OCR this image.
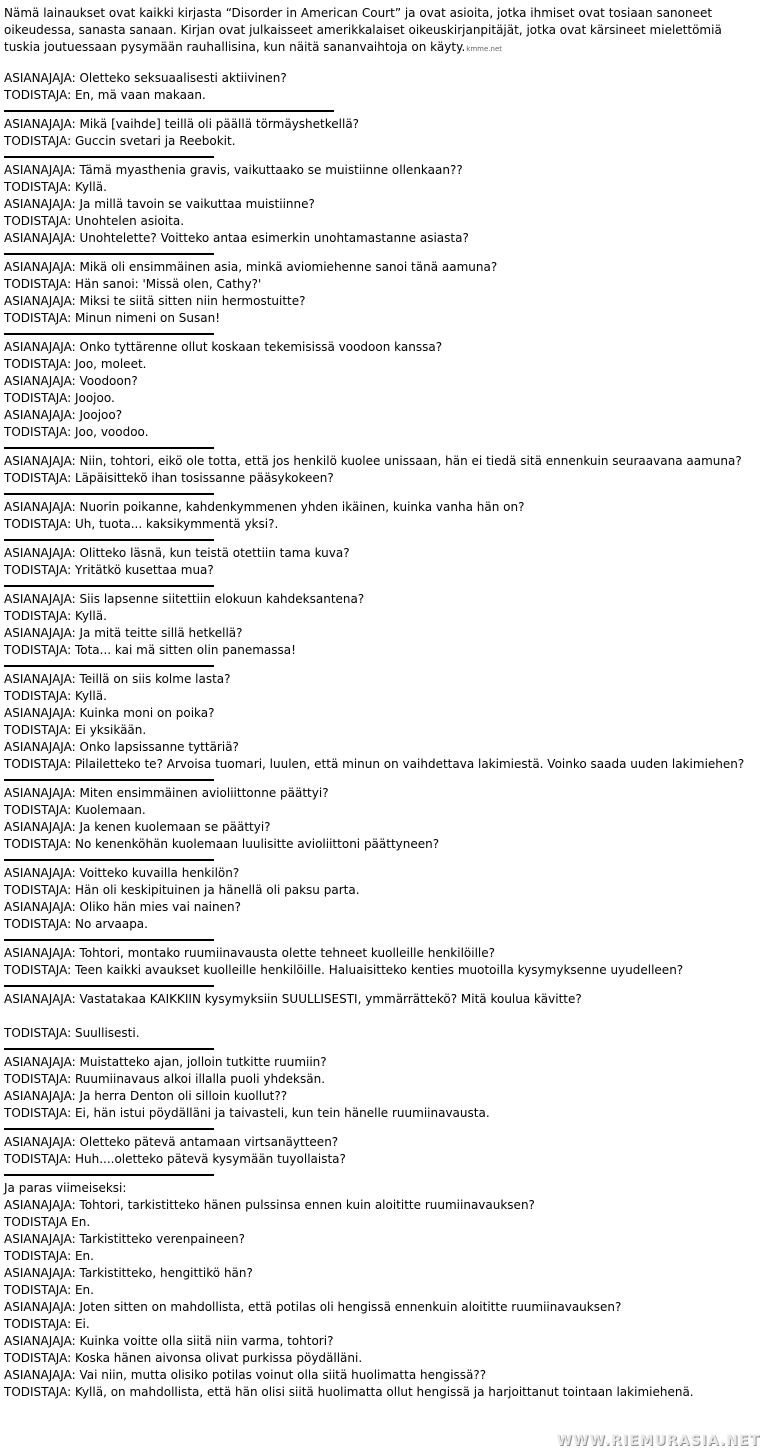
Nämä lainaukset ovat kaikki kirjasta “Disorder in American Court” ja ovat asioita, jotka ihmiset ovat tosiaan sanoneet oikeudessa, sanasta sanaan. Kirjan ovat julkaisseet amerikkalaiset oikeuskirjanpitäjät, jotka ovat kärsineet mielettömiä tuskia joutuessaan pysymään rauhallisina, kun näitä sananvaihtoja on käyty.kmme.net

ASIANAJAJA: Oletteko seksuaalisesti aktiivinen?

TODISTAJA: En, mä vaan makaan.

ASIANAJAJA: Mikä [vaihde] teillä oli päällä törmäyshetkellä?

TODISTAJA: Guccin svetari ja Reebokit.

ASIANAJAJA: Tämä myasthenia gravis, vaikuttaako se muistiinne ollenkaan??

TODISTAJA: Kyllä.

ASIANAJAJA: Ja millä tavoin se vaikuttaa muistiinne?

TODISTAJA: Unohtelen asioita.

ASIANAJAJA: Unohtelette? Voitteko antaa esimerkin unohtamastanne asiasta?

ASIANAJAJA: Mikä oli ensimmäinen asia, minkä aviomiehenne sanoi tänä aamuna?

TODISTAJA: Hän sanoi: 'Missä olen, Cathy?'

ASIANAJAJA: Miksi te siitä sitten niin hermostuitte?

TODISTAJA: Minun nimeni on Susan!

ASIANAJAJA: Onko tyttärenne ollut koskaan tekemisissä voodoon kanssa?

TODISTAJA: Joo, moleet.

ASIANAJAJA: Voodoon?

TODISTAJA: Joojoo.

ASIANAJAJA: Joojoo?

TODISTAJA: Joo, voodoo.

ASIANAJAJA: Niin, tohtori, eikö ole totta, että jos henkilö kuolee unissaan, hän ei tiedä sitä ennenkuin seuraavana aamuna?

TODISTAJA: Läpäisittekö ihan tosissanne pääsykokeen?

ASIANAJAJA: Nuorin poikanne, kahdenkymmenen yhden ikäinen, kuinka vanha hän on?

TODISTAJA: Uh, tuota... kaksikymmentä yksi?.

ASIANAJAJA: Olitteko läsnä, kun teistä otettiin tama kuva?

TODISTAJA: Yritätkö kusettaa mua?

ASIANAJAJA: Siis lapsenne siitettiin elokuun kahdeksantena?

TODISTAJA: Kyllä.

ASIANAJAJA: Ja mitä teitte sillä hetkellä?

TODISTAJA: Tota... kai mä sitten olin panemassa!

ASIANAJAJA: Teillä on siis kolme lasta?

TODISTAJA: Kyllä.

ASIANAJAJA: Kuinka moni on poika?

TODISTAJA: Ei yksikään.

ASIANAJAJA: Onko lapsissanne tyttäriä?

TODISTAJA: Pilailetteko te? Arvoisa tuomari, luulen, että minun on vaihdettava lakimiestä. Voinko saada uuden lakimiehen?

ASIANAJAJA: Miten ensimmäinen avioliittonne päättyi?

TODISTAJA: Kuolemaan.

ASIANAJAJA: Ja kenen kuolemaan se päättyi?

TODISTAJA: No kenenköhän kuolemaan luulisitte avioliittoni päättyneen?

ASIANAJAJA: Voitteko kuvailla henkilön?

TODISTAJA: Hän oli keskipituinen ja hänellä oli paksu parta.

ASIANAJAJA: Oliko hän mies vai nainen?

TODISTAJA: No arvaapa.

ASIANAJAJA: Tohtori, montako ruumiinavausta olette tehneet kuolleille henkilöille?

TODISTAJA: Teen kaikki avaukset kuolleille henkilöille. Haluaisitteko kenties muotoilla kysymyksenne uyudelleen?

ASIANAJAJA: Vastatakaa KAIKKIIN kysymyksiin SUULLISESTI, ymmärrättekö? Mitä koulua kävitte?

TODISTAJA: Suullisesti.

ASIANAJAJA: Muistatteko ajan, jolloin tutkitte ruumiin?

TODISTAJA: Ruumiinavaus alkoi illalla puoli yhdeksän.

ASIANAJAJA: Ja herra Denton oli silloin kuollut??

TODISTAJA: Ei, hän istui pöydälläni ja taivasteli, kun tein hänelle ruumiinavausta.

ASIANAJAJA: Oletteko pätevä antamaan virtsanäytteen?

TODISTAJA: Huh....oletteko pätevä kysymään tuyollaista?

Ja paras viimeiseksi:

ASIANAJAJA: Tohtori, tarkistitteko hänen pulssinsa ennen kuin aloititte ruumiinavauksen?

TODISTAJA En.

ASIANAJAJA: Tarkistitteko verenpaineen?

TODISTAJA: En.

ASIANAJAJA: Tarkistitteko, hengittikö hän?

TODISTAJA: En.

ASIANAJAJA: Joten sitten on mahdollista, että potilas oli hengissä ennenkuin aloititte ruumiinavauksen?

TODISTAJA: Ei.

ASIANAJAJA: Kuinka voitte olla siitä niin varma, tohtori?

TODISTAJA: Koska hänen aivonsa olivat purkissa pöydälläni.

ASIANAJAJA: Vai niin, mutta olisiko potilas voinut olla siitä huolimatta hengissä??

TODISTAJA: Kyllä, on mahdollista, että hän olisi siitä huolimatta ollut hengissä ja harjoittanut tointaan lakimiehenä.

WWW.RIEMURASIA.NET
